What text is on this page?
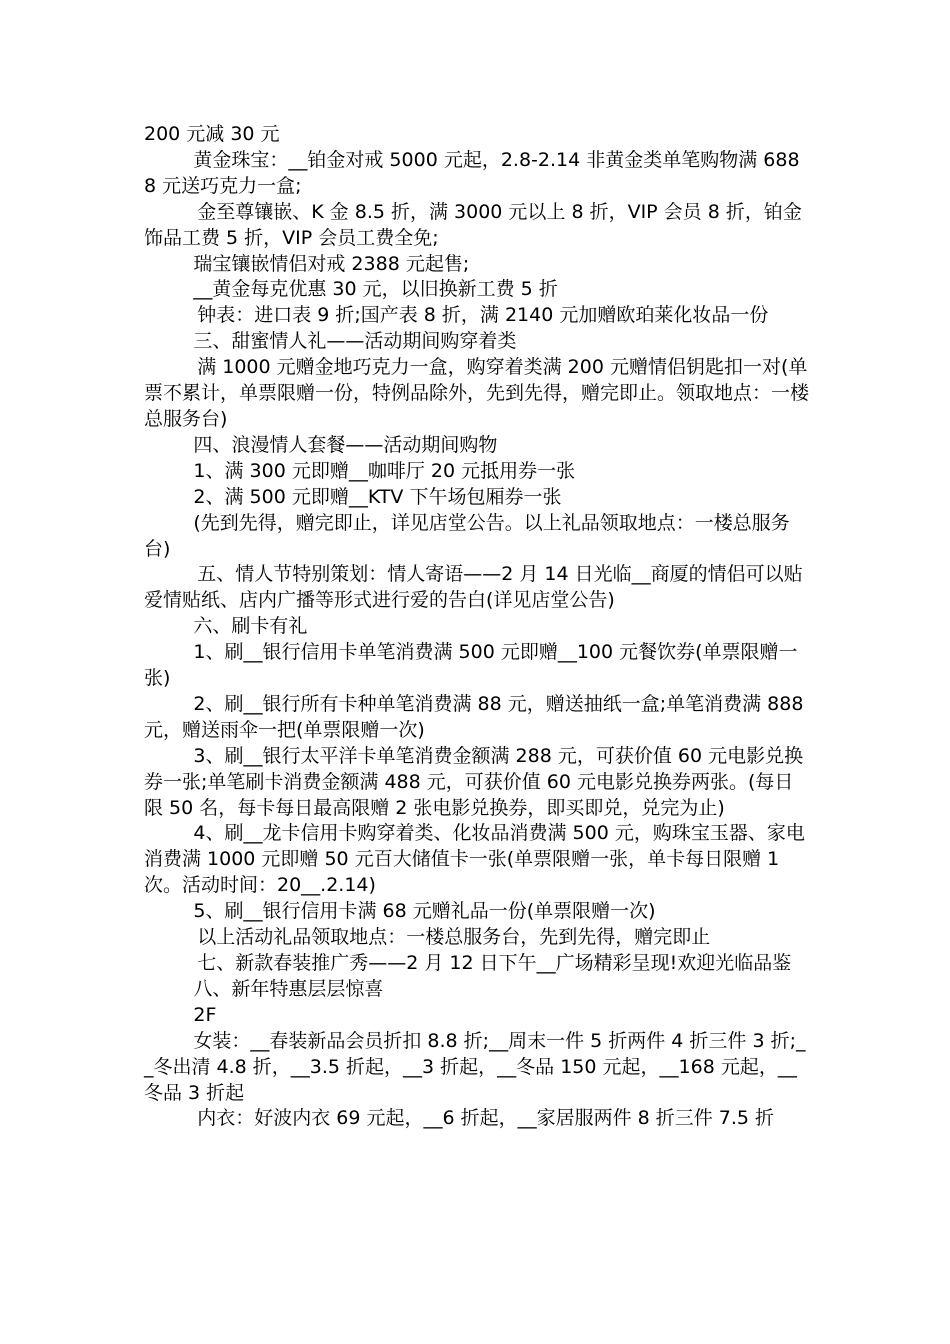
200 元减 30 元

黄金珠宝：__铂金对戒 5000 元起，2.8-2.14 非黄金类单笔购物满 6888 元送巧克力一盒;

金至尊镶嵌、K 金 8.5 折，满 3000 元以上 8 折，VIP 会员 8 折，铂金饰品工费 5 折，VIP 会员工费全免;

瑞宝镶嵌情侣对戒 2388 元起售;

__黄金每克优惠 30 元，以旧换新工费 5 折

钟表：进口表 9 折;国产表 8 折，满 2140 元加赠欧珀莱化妆品一份

三、甜蜜情人礼——活动期间购穿着类

满 1000 元赠金地巧克力一盒，购穿着类满 200 元赠情侣钥匙扣一对(单票不累计，单票限赠一份，特例品除外，先到先得，赠完即止。领取地点：一楼总服务台)

四、浪漫情人套餐——活动期间购物

1、满 300 元即赠__咖啡厅 20 元抵用券一张

2、满 500 元即赠__KTV 下午场包厢券一张

(先到先得，赠完即止，详见店堂公告。以上礼品领取地点：一楼总服务台)

五、情人节特别策划：情人寄语——2 月 14 日光临__商厦的情侣可以贴爱情贴纸、店内广播等形式进行爱的告白(详见店堂公告)

六、刷卡有礼

1、刷__银行信用卡单笔消费满 500 元即赠__100 元餐饮券(单票限赠一张)

2、刷__银行所有卡种单笔消费满 88 元，赠送抽纸一盒;单笔消费满 888 元，赠送雨伞一把(单票限赠一次)

3、刷__银行太平洋卡单笔消费金额满 288 元，可获价值 60 元电影兑换券一张;单笔刷卡消费金额满 488 元，可获价值 60 元电影兑换券两张。(每日限 50 名，每卡每日最高限赠 2 张电影兑换券，即买即兑，兑完为止)

4、刷__龙卡信用卡购穿着类、化妆品消费满 500 元，购珠宝玉器、家电消费满 1000 元即赠 50 元百大储值卡一张(单票限赠一张，单卡每日限赠 1 次。活动时间：20__.2.14)

5、刷__银行信用卡满 68 元赠礼品一份(单票限赠一次)

以上活动礼品领取地点：一楼总服务台，先到先得，赠完即止

七、新款春装推广秀——2 月 12 日下午__广场精彩呈现!欢迎光临品鉴

八、新年特惠层层惊喜

2F

女装：__春装新品会员折扣 8.8 折;__周末一件 5 折两件 4 折三件 3 折;__冬出清 4.8 折，__3.5 折起，__3 折起，__冬品 150 元起，__168 元起，__冬品 3 折起

内衣：好波内衣 69 元起，__6 折起，__家居服两件 8 折三件 7.5 折
